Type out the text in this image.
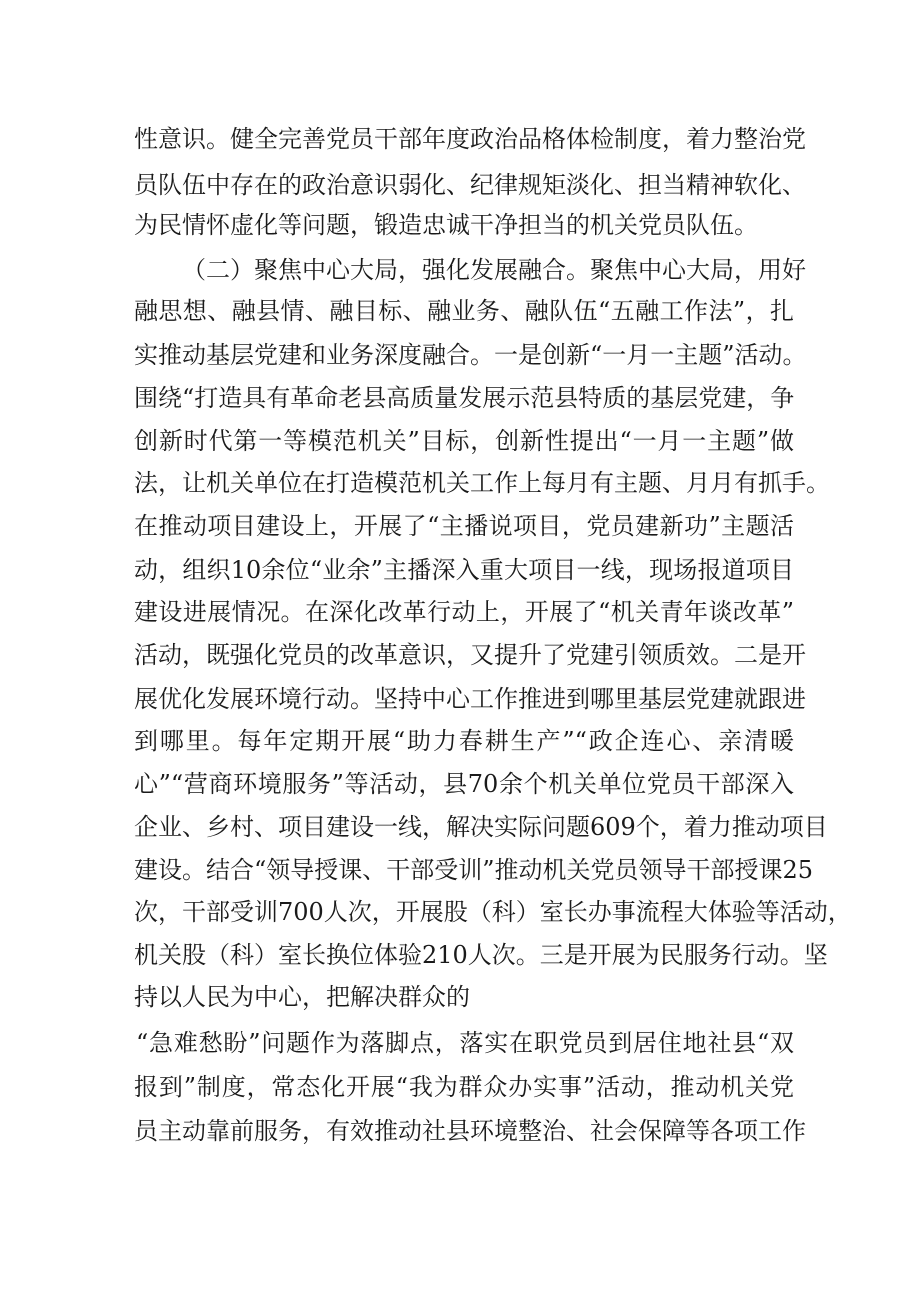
性意识。健全完善党员干部年度政治品格体检制度，着力整治党
员队伍中存在的政治意识弱化、纪律规矩淡化、担当精神软化、
为民情怀虚化等问题，锻造忠诚干净担当的机关党员队伍。
（二）聚焦中心大局，强化发展融合。聚焦中心大局，用好
融思想、融县情、融目标、融业务、融队伍“五融工作法”，扎
实推动基层党建和业务深度融合。一是创新“一月一主题”活动。
围绕“打造具有革命老县高质量发展示范县特质的基层党建，争
创新时代第一等模范机关”目标，创新性提出“一月一主题”做
法，让机关单位在打造模范机关工作上每月有主题、月月有抓手。
在推动项目建设上，开展了“主播说项目，党员建新功”主题活
动，组织10余位“业余”主播深入重大项目一线，现场报道项目
建设进展情况。在深化改革行动上，开展了“机关青年谈改革”
活动，既强化党员的改革意识，又提升了党建引领质效。二是开
展优化发展环境行动。坚持中心工作推进到哪里基层党建就跟进
到哪里。每年定期开展“助力春耕生产”“政企连心、亲清暖
心”“营商环境服务”等活动，县70余个机关单位党员干部深入
企业、乡村、项目建设一线，解决实际问题609个，着力推动项目
建设。结合“领导授课、干部受训”推动机关党员领导干部授课25
次，干部受训700人次，开展股（科）室长办事流程大体验等活动，
机关股（科）室长换位体验210人次。三是开展为民服务行动。坚
持以人民为中心，把解决群众的
“急难愁盼”问题作为落脚点，落实在职党员到居住地社县“双
报到”制度，常态化开展“我为群众办实事”活动，推动机关党
员主动靠前服务，有效推动社县环境整治、社会保障等各项工作
